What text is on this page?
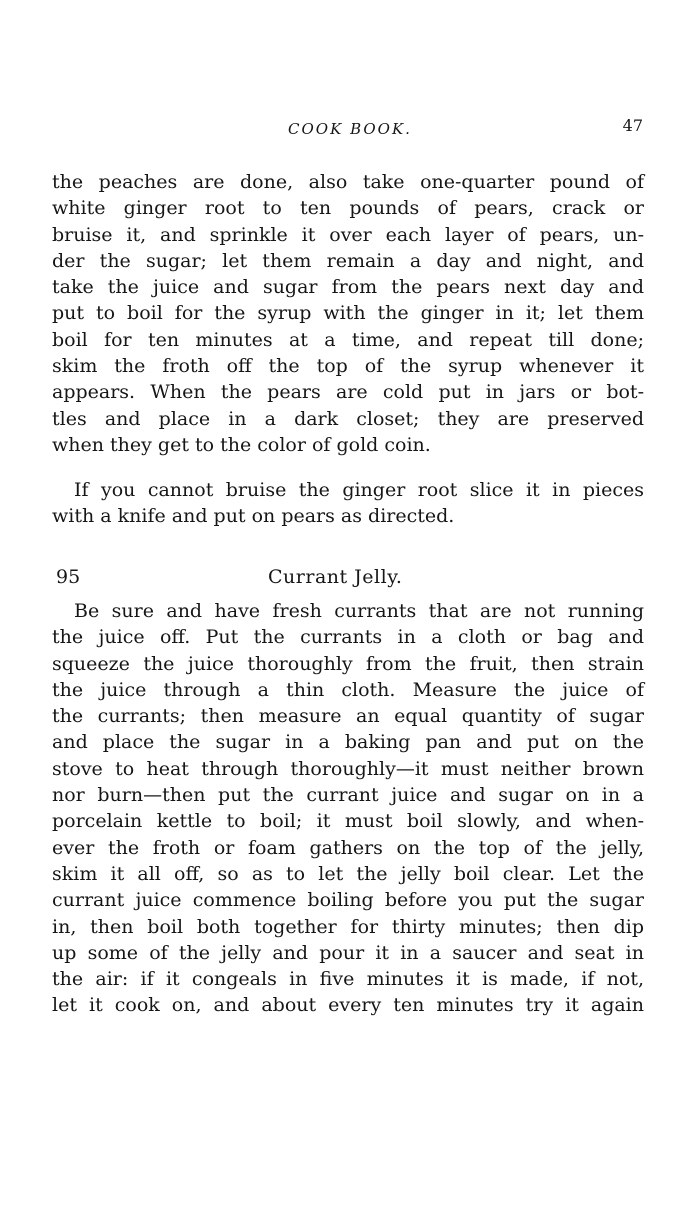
COOK BOOK.	47
the peaches are done, also take one-quarter pound of
white ginger root to ten pounds of pears, crack or
bruise it, and sprinkle it over each layer of pears, un-
der the sugar; let them remain a day and night, and
take the juice and sugar from the pears next day and
put to boil for the syrup with the ginger in it; let them
boil for ten minutes at a time, and repeat till done;
skim the froth off the top of the syrup whenever it
appears. When the pears are cold put in jars or bot-
tles and place in a dark closet; they are preserved
when they get to the color of gold coin.
If you cannot bruise the ginger root slice it in pieces
with a knife and put on pears as directed.
95	Currant Jelly.
Be sure and have fresh currants that are not running
the juice off. Put the currants in a cloth or bag and
squeeze the juice thoroughly from the fruit, then strain
the juice through a thin cloth. Measure the juice of
the currants; then measure an equal quantity of sugar
and place the sugar in a baking pan and put on the
stove to heat through thoroughly—it must neither brown
nor burn—then put the currant juice and sugar on in a
porcelain kettle to boil; it must boil slowly, and when-
ever the froth or foam gathers on the top of the jelly,
skim it all off, so as to let the jelly boil clear. Let the
currant juice commence boiling before you put the sugar
in, then boil both together for thirty minutes; then dip
up some of the jelly and pour it in a saucer and seat in
the air: if it congeals in five minutes it is made, if not,
let it cook on, and about every ten minutes try it again
